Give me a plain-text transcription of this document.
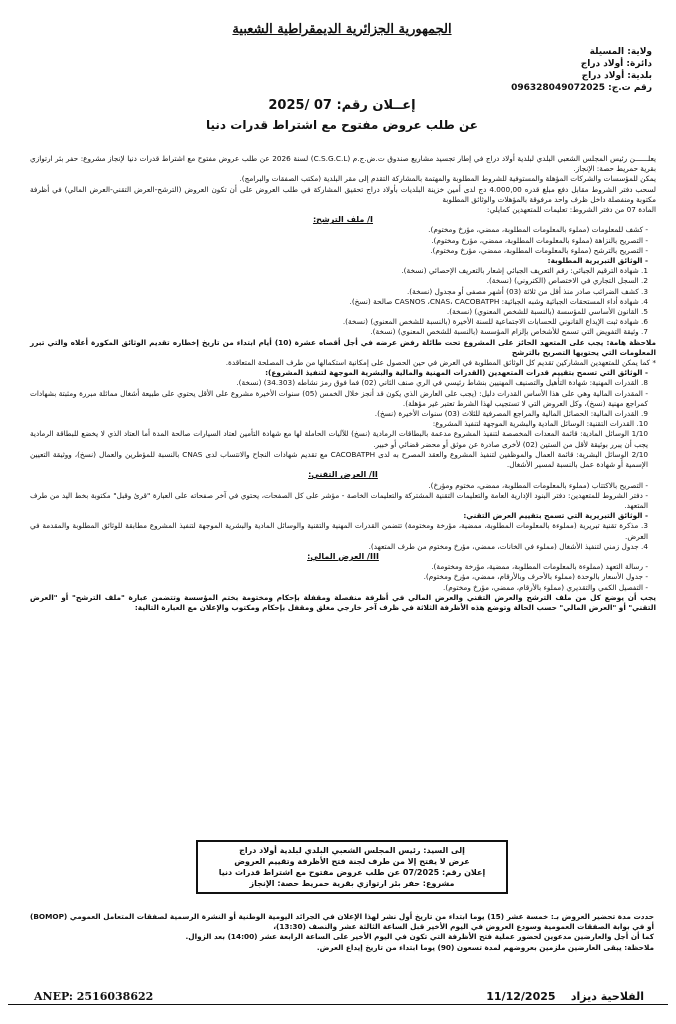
الجمهورية الجزائرية الديمقراطية الشعبية
ولاية: المسيلة
دائرة: أولاد دراج
بلدية: أولاد دراج
رقم ت.ج: 096328049072025
إعــلان رقم: 07 /2025
عن طلب عروض مفتوح مع اشتراط قدرات دنيا

يعلــــــن رئيس المجلس الشعبي البلدي لبلدية أولاد دراج في إطار تجسيد مشاريع صندوق ت.ض.ج.م (C.S.G.C.L) لسنة 2026 عن طلب عروض مفتوح مع اشتراط قدرات دنيا لإنجاز مشروع: حفر بئر ارتوازي بقرية حمريط حصة: الإنجاز.

يمكن للمؤسسات والشركات المؤهلة والمستوفية للشروط المطلوبة والمهتمة بالمشاركة التقدم إلى مقر البلدية (مكتب الصفقات والبرامج).

لسحب دفتر الشروط مقابل دفع مبلغ قدره 4.000,00 دج لدى أمين خزينة البلديات بأولاد دراج تحقيق المشاركة في طلب العروض على أن تكون العروض (الترشح-العرض التقني-العرض المالي) في أظرفة مكتوبة ومنفصلة داخل ظرف واحد مرفوقة بالمؤهلات والوثائق المطلوبة

المادة 07 من دفتر الشروط: تعليمات للمتعهدين كمايلي:

I/ ملف الترشح:

- كشف للمعلومات (مملوء بالمعلومات المطلوبة، ممضي، مؤرخ ومختوم).

- التصريح بالنزاهة (مملوء بالمعلومات المطلوبة، ممضي، مؤرخ ومختوم).

- التصريح بالترشح (مملوء بالمعلومات المطلوبة، ممضي، مؤرخ ومختوم).

- الوثائق التبريرية المطلوبة:

1. شهادة الترقيم الجبائي: رقم التعريف الجبائي إشعار بالتعريف الإحصائي (نسخة).

2. السجل التجاري في الاختصاص (الكتروني) (نسخة).

3. كشف الضرائب صادر منذ أقل من ثلاثة (03) أشهر مصفى أو مجدول (نسخة).

4. شهادة أداء المستحقات الجبائية وشبه الجبائية: CASNOS ،CNAS، CACOBATPH صالحة (نسخ).

5. القانون الأساسي للمؤسسة (بالنسبة للشخص المعنوي) (نسخة).

6. شهادة ثبت الإيداع القانوني للحسابات الاجتماعية للسنة الأخيرة (بالنسبة للشخص المعنوي) (نسخة).

7. وثيقة التفويض التي تسمح للأشخاص بإلزام المؤسسة (بالنسبة للشخص المعنوي) (نسخة).

ملاحظة هامة: يجب على المتعهد الحائز على المشروع تحت طائلة رفض عرضه في أجل أقصاه عشرة (10) أيام ابتداء من تاريخ إخطاره تقديم الوثائق المكورة أعلاه والتي تبرر المعلومات التي يحتويها التصريح بالترشح

* كما يمكن للمتعهدين المشاركين تقديم كل الوثائق المطلوبة في العرض في حين الحصول على إمكانية استكمالها من طرف المصلحة المتعاقدة.

- الوثائق التي تسمح بتقييم قدرات المتعهدين (القدرات المهنية والمالية والبشرية الموجهة لتنفيذ المشروع):

8. القدرات المهنية: شهادة التأهيل والتصنيف المهنيين بنشاط رئيسي في الري صنف الثاني (02) فما فوق رمز نشاطه (34.303) (نسخة).

- المقدرات المالية وهي على هذا الأساس القدرات دليل: (يجب على العارض الذي يكون قد أنجز خلال الخمس (05) سنوات الأخيرة مشروع على الأقل يحتوي على طبيعة أشغال مماثلة مبررة ومثبتة بشهادات كمراجع مهنية (نسخ)، وكل العروض التي لا تستجيب لهذا الشرط تعتبر غير مؤهلة).

9. القدرات المالية: الحصائل المالية والمراجع المصرفية للثلاث (03) سنوات الأخيرة (نسخ).

10. القدرات التقنية: الوسائل المادية والبشرية الموجهة لتنفيذ المشروع:

1/10 الوسائل المادية: قائمة المعدات المخصصة لتنفيذ المشروع مدعمة بالبطاقات الرمادية (نسخ) للآليات الحاملة لها مع شهادة التأمين لعتاد السيارات صالحة المدة أما العتاد الذي لا يخضع للبطاقة الرمادية يجب أن يبرر بوثيقة لأقل من الستين (02) لأخرى صادرة عن موثق أو محضر قضائي أو خبير.

2/10 الوسائل البشرية: قائمة العمال والموظفين لتنفيذ المشروع والعقد المصرح به لدى CACOBATPH مع تقديم شهادات النجاح والانتساب لدى CNAS بالنسبة للمؤطرين والعمال (نسخ)، ووثيقة التعيين الإسمية أو شهادة عمل بالنسبة لمسير الأشغال.

II/ العرض التقني:

- التصريح بالاكتتاب (مملوء بالمعلومات المطلوبة، ممضي، مختوم ومؤرخ).

- دفتر الشروط للمتعهدين: دفتر البنود الإدارية العامة والتعليمات التقنية المشتركة والتعليمات الخاصة - مؤشر على كل الصفحات، يحتوي في آخر صفحاته على العبارة "قرئ وقبل" مكتوبة بخط اليد من طرف المتعهد.

- الوثائق التبريرية التي تسمح بتقييم العرض التقني:

3. مذكرة تقنية تبريرية (مملوءة بالمعلومات المطلوبة، ممضية، مؤرخة ومختومة) تتضمن القدرات المهنية والتقنية والوسائل المادية والبشرية الموجهة لتنفيذ المشروع مطابقة للوثائق المطلوبة والمقدمة في العرض.

4. جدول زمني لتنفيذ الأشغال (مملوء في الخانات، ممضي، مؤرخ ومختوم من طرف المتعهد).

III/ العرض المالي:

- رسالة التعهد (مملوءة بالمعلومات المطلوبة، ممضية، مؤرخة ومختومة).

- جدول الأسعار بالوحدة (مملوء بالأحرف وبالأرقام، ممضي، مؤرخ ومختوم).

- التفصيل الكمي والتقديري (مملوء بالأرقام، ممضي، مؤرخ ومختوم).

يجب أن يوضع كل من ملف الترشح والعرض التقني والعرض المالي في أظرفة منفصلة ومقفلة بإحكام ومختومة بختم المؤسسة وتتضمن عبارة "ملف الترشح" أو "العرض التقني" أو "العرض المالي" حسب الحالة وتوضع هذه الأظرفة الثلاثة في ظرف آخر خارجي مغلق ومقفل بإحكام ومكتوب والإعلان مع العبارة التالية:

إلى السيد: رئيس المجلس الشعبي البلدي لبلدية أولاد دراج
عرض لا يفتح إلا من طرف لجنة فتح الأظرفة وتقييم العروض
إعلان رقم: 07/2025 عن طلب عروض مفتوح مع اشتراط قدرات دنيا
مشروع: حفر بئر ارتوازي بقرية حمريط حصة: الإنجاز

حددت مدة تحضير العروض بـ: خمسة عشر (15) يوما ابتداء من تاريخ أول نشر لهذا الإعلان في الجرائد اليومية الوطنية أو النشرة الرسمية لصفقات المتعامل العمومي (BOMOP) أو في بوابة الصفقات العمومية وسودع العروض في اليوم الأخير قبل الساعة الثالثة عشر والنصف (13:30)،

كما أن أجل والعارضين مدعوين لحضور عملية فتح الأظرفة التي تكون في اليوم الأخير على الساعة الرابعة عشر (14:00) بعد الزوال.

ملاحظة: يبقى العارضين ملزمين بعروضهم لمدة تسعون (90) يوما ابتداء من تاريخ إيداع العرض.

الفلاحية ديزاد    11/12/2025
ANEP: 2516038622
